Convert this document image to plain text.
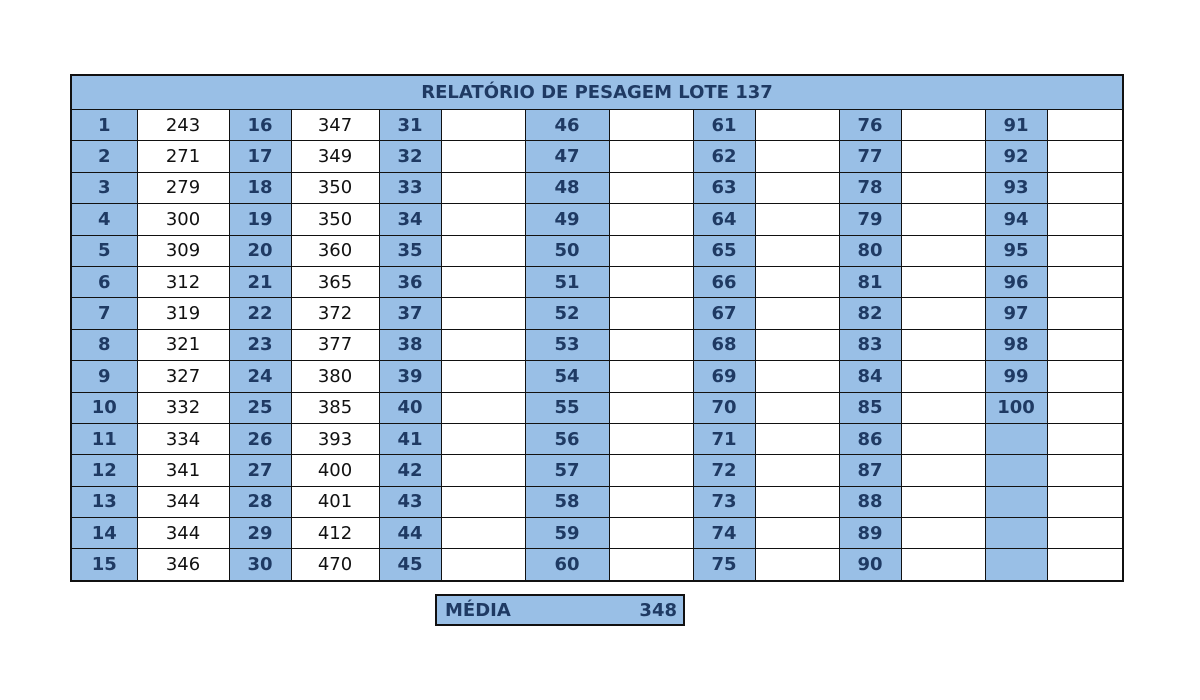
RELATÓRIO DE PESAGEM LOTE 137													
1	243	16	347	31		46		61		76		91	
2	271	17	349	32		47		62		77		92	
3	279	18	350	33		48		63		78		93	
4	300	19	350	34		49		64		79		94	
5	309	20	360	35		50		65		80		95	
6	312	21	365	36		51		66		81		96	
7	319	22	372	37		52		67		82		97	
8	321	23	377	38		53		68		83		98	
9	327	24	380	39		54		69		84		99	
10	332	25	385	40		55		70		85		100	
11	334	26	393	41		56		71		86			
12	341	27	400	42		57		72		87			
13	344	28	401	43		58		73		88			
14	344	29	412	44		59		74		89			
15	346	30	470	45		60		75		90			
MÉDIA	348
